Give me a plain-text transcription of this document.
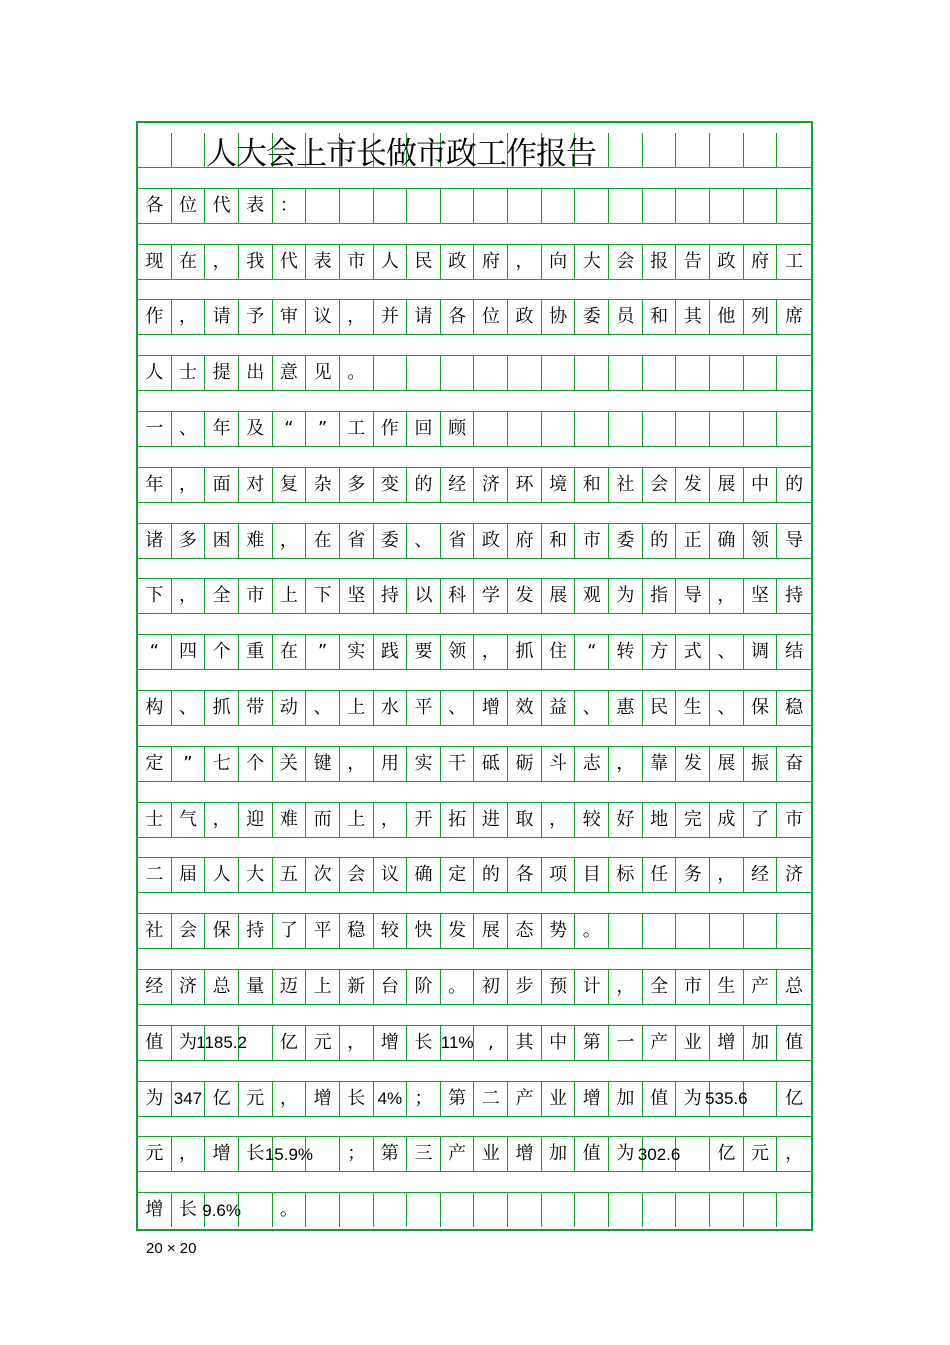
人大会上市长做市政工作报告
各 位 代 表 ：
现 在 ， 我 代 表 市 人 民 政 府 ， 向 大 会 报 告 政 府 工
作 ， 请 予 审 议 ， 并 请 各 位 政 协 委 员 和 其 他 列 席
人 士 提 出 意 见 。
一 、 年 及	“	”	工 作 回 顾
年 ， 面 对 复 杂 多 变 的 经 济 环 境 和 社 会 发 展 中 的
诸 多 困 难 ， 在 省 委 、 省 政 府 和 市 委 的 正 确 领 导
下 ， 全 市 上 下 坚 持 以 科 学 发 展 观 为 指 导 ， 坚 持
“	四 个 重 在	”	实 践 要 领 ， 抓 住	“	转 方 式 、 调 结
构 、 抓 带 动 、 上 水 平 、 增 效 益 、 惠 民 生 、 保 稳
定	”	七 个 关 键 ， 用 实 干 砥 砺 斗 志 ， 靠 发 展 振 奋
士 气 ， 迎 难 而 上 ， 开 拓 进 取 ， 较 好 地 完 成 了 市
二 届 人 大 五 次 会 议 确 定 的 各 项 目 标 任 务 ， 经 济
社 会 保 持 了 平 稳 较 快 发 展 态 势 。
经 济 总 量 迈 上 新 台 阶 。 初 步 预 计 ， 全 市 生 产 总
值 为 1185.2	亿 元 ， 增 长 11% ,	其 中 第 一 产 业 增 加 值
为 347 亿 元 ， 增 长 4% ； 第 二 产 业 增 加 值 为 535.6	亿
元 ， 增 长 15.9%	； 第 三 产 业 增 加 值 为 302.6	亿 元 ，
增 长 9.6%	。
20 × 20
